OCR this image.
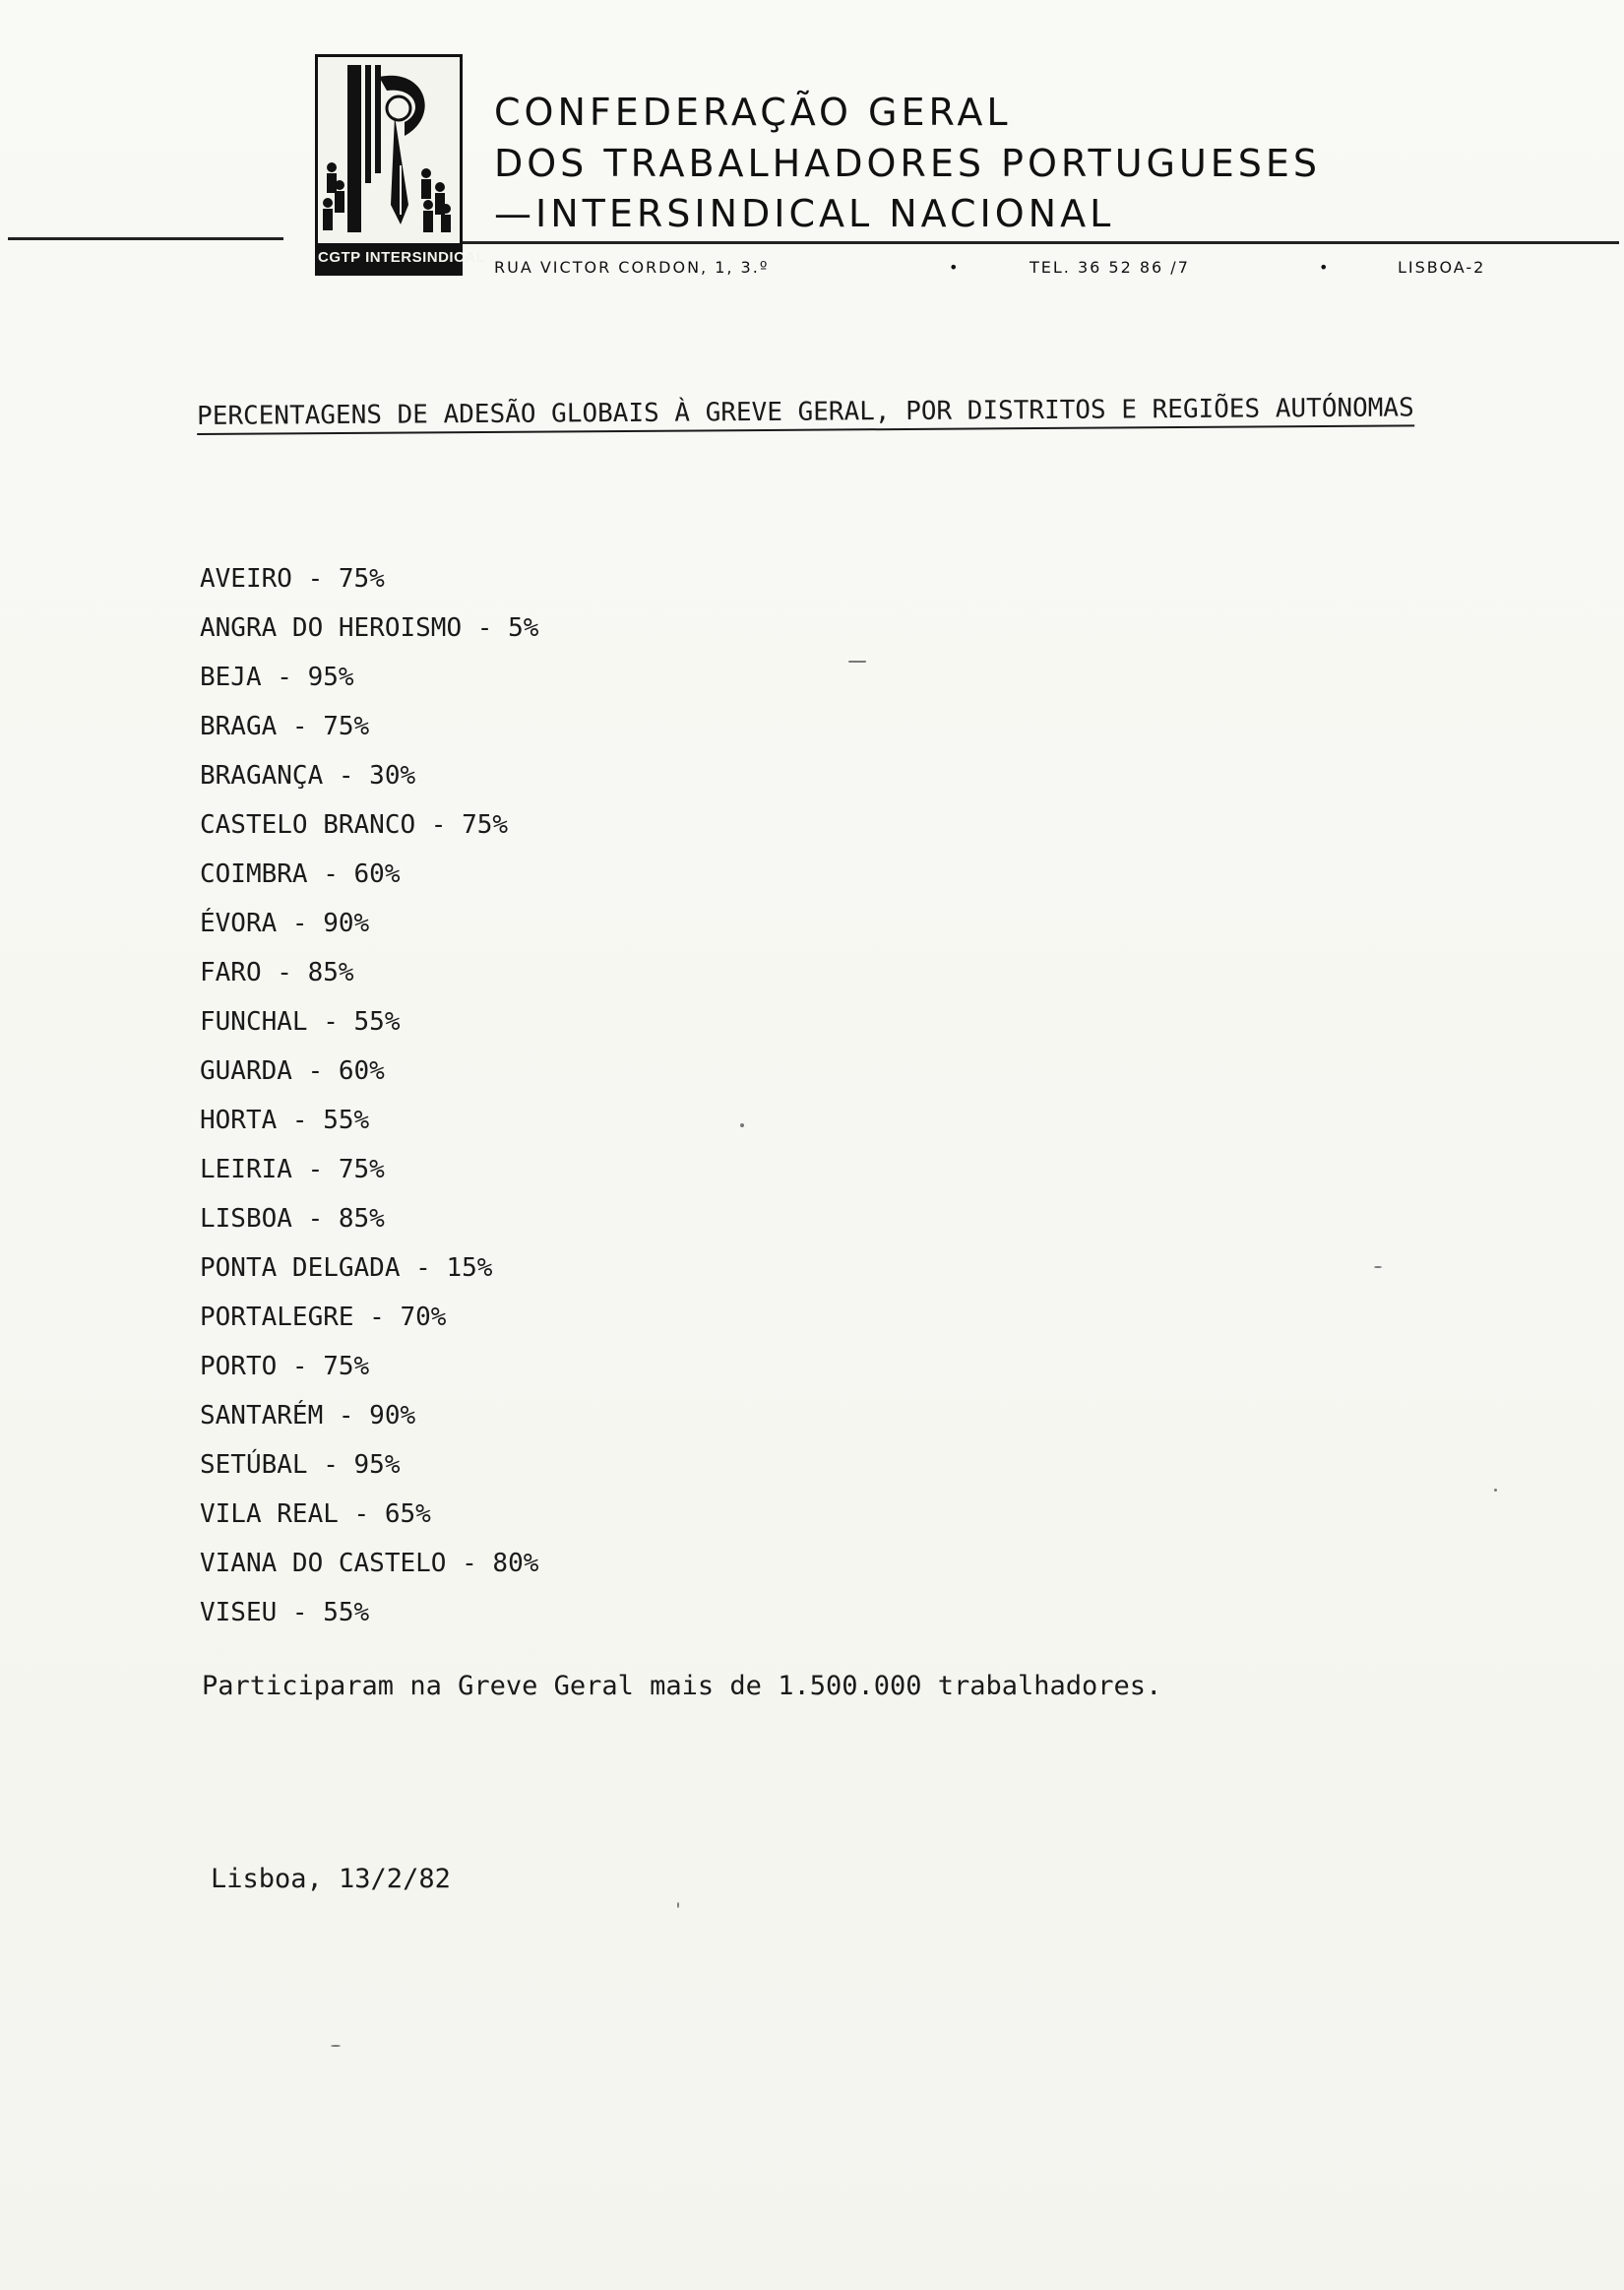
CGTP INTERSINDICAL
CONFEDERAÇÃO GERAL
DOS TRABALHADORES PORTUGUESES
—INTERSINDICAL NACIONAL
RUA VICTOR CORDON, 1, 3.º	•	TEL. 36 52 86 /7	•	LISBOA-2
PERCENTAGENS DE ADESÃO GLOBAIS À GREVE GERAL, POR DISTRITOS E REGIÕES AUTÓNOMAS
AVEIRO - 75%
ANGRA DO HEROISMO - 5%
BEJA - 95%
BRAGA - 75%
BRAGANÇA - 30%
CASTELO BRANCO - 75%
COIMBRA - 60%
ÉVORA - 90%
FARO - 85%
FUNCHAL - 55%
GUARDA - 60%
HORTA - 55%
LEIRIA - 75%
LISBOA - 85%
PONTA DELGADA - 15%
PORTALEGRE - 70%
PORTO - 75%
SANTARÉM - 90%
SETÚBAL - 95%
VILA REAL - 65%
VIANA DO CASTELO - 80%
VISEU - 55%
Participaram na Greve Geral mais de 1.500.000 trabalhadores.
Lisboa, 13/2/82
